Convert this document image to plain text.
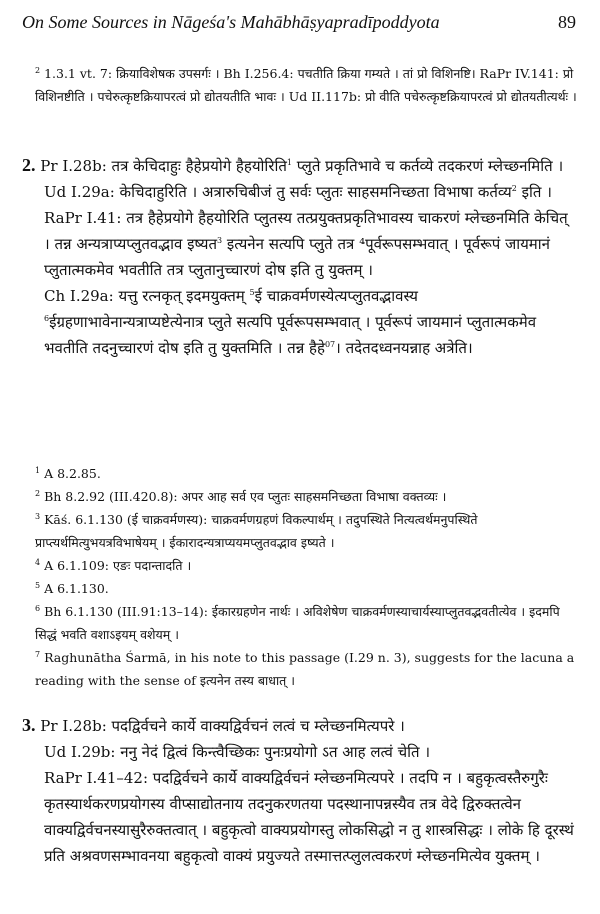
On Some Sources in Nāgeśa's Mahābhāṣyapradīpoddyota	89

$^2$ 1.3.1 vt. 7: क्रियाविशेषक उपसर्गः । Bh I.256.4: पचतीति क्रिया गम्यते । तां प्रो विशिनष्टि। RaPr IV.141: प्रो विशिनष्टीति । पचेरुत्कृष्टक्रियापरत्वं प्रो द्योतयतीति भावः । Ud II.117b: प्रो वीति पचेरुत्कृष्टक्रियापरत्वं प्रो द्योतयतीत्यर्थः ।

2. Pr I.28b: तत्र केचिदाहुः हैहेप्रयोगे हैहयोरिति$^1$ प्लुते प्रकृतिभावे च कर्तव्ये तदकरणं म्लेच्छनमिति ।

Ud I.29a: केचिदाहुरिति । अत्रारुचिबीजं तु सर्वः प्लुतः साहसमनिच्छता विभाषा कर्तव्य$^2$ इति ।

RaPr I.41: तत्र हैहेप्रयोगे हैहयोरिति प्लुतस्य तत्प्रयुक्तप्रकृतिभावस्य चाकरणं म्लेच्छनमिति केचित् । तन्न अन्यत्राप्यप्लुतवद्भाव इष्यत$^3$ इत्यनेन सत्यपि प्लुते तत्र ⁴पूर्वरूपसम्भवात् । पूर्वरूपं जायमानं प्लुतात्मकमेव भवतीति तत्र प्लुतानुच्चारणं दोष इति तु युक्तम् ।

Ch I.29a: यत्तु रत्नकृत् इदमयुक्तम् $^5$ई चाक्रवर्मणस्येत्यप्लुतवद्भावस्य $^6$ईग्रहणाभावेनान्यत्राप्यष्टेत्येनात्र प्लुते सत्यपि पूर्वरूपसम्भवात् । पूर्वरूपं जायमानं प्लुतात्मकमेव भवतीति तदनुच्चारणं दोष इति तु युक्तमिति । तन्न हैहे$^{07}$। तदेतदध्वनयन्नाह अत्रेति।

$^1$ A 8.2.85.

$^2$ Bh 8.2.92 (III.420.8): अपर आह सर्व एव प्लुतः साहसमनिच्छता विभाषा वक्तव्यः ।

$^3$ Kāś. 6.1.130 (ई चाक्रवर्मणस्य): चाक्रवर्मणग्रहणं विकल्पार्थम् । तदुपस्थिते नित्यत्वर्थमनुपस्थिते प्राप्त्यर्थमित्युभयत्रविभाषेयम् । ईकारादन्यत्राप्ययमप्लुतवद्भाव इष्यते ।

$^4$ A 6.1.109: एङः पदान्तादति ।

$^5$ A 6.1.130.

$^6$ Bh 6.1.130 (III.91:13–14): ईकारग्रहणेन नार्थः । अविशेषेण चाक्रवर्मणस्याचार्यस्याप्लुतवद्भवतीत्येव । इदमपि सिद्धं भवति वशाऽइयम् वशेयम् ।

$^7$ Raghunātha Śarmā, in his note to this passage (I.29 n. 3), suggests for the lacuna a reading with the sense of इत्यनेन तस्य बाधात् ।

3. Pr I.28b: पदद्विर्वचने कार्ये वाक्यद्विर्वचनं लत्वं च म्लेच्छनमित्यपरे ।

Ud I.29b: ननु नेदं द्वित्वं किन्त्वैच्छिकः पुनःप्रयोगो ऽत आह लत्वं चेति ।

RaPr I.41–42: पदद्विर्वचने कार्ये वाक्यद्विर्वचनं म्लेच्छनमित्यपरे । तदपि न । बहुकृत्वस्तैरुगुरैः कृतस्यार्थकरणप्रयोगस्य वीप्साद्योतनाय तदनुकरणतया पदस्थानापन्नस्यैव तत्र वेदे द्विरुक्तत्वेन वाक्यद्विर्वचनस्यासुरैरुक्तत्वात् । बहुकृत्वो वाक्यप्रयोगस्तु लोकसिद्धो न तु शास्त्रसिद्धः । लोके हि दूरस्थं प्रति अश्रवणसम्भावनया बहुकृत्वो वाक्यं प्रयुज्यते तस्मात्तत्प्लुलत्वकरणं म्लेच्छनमित्येव युक्तम् ।
